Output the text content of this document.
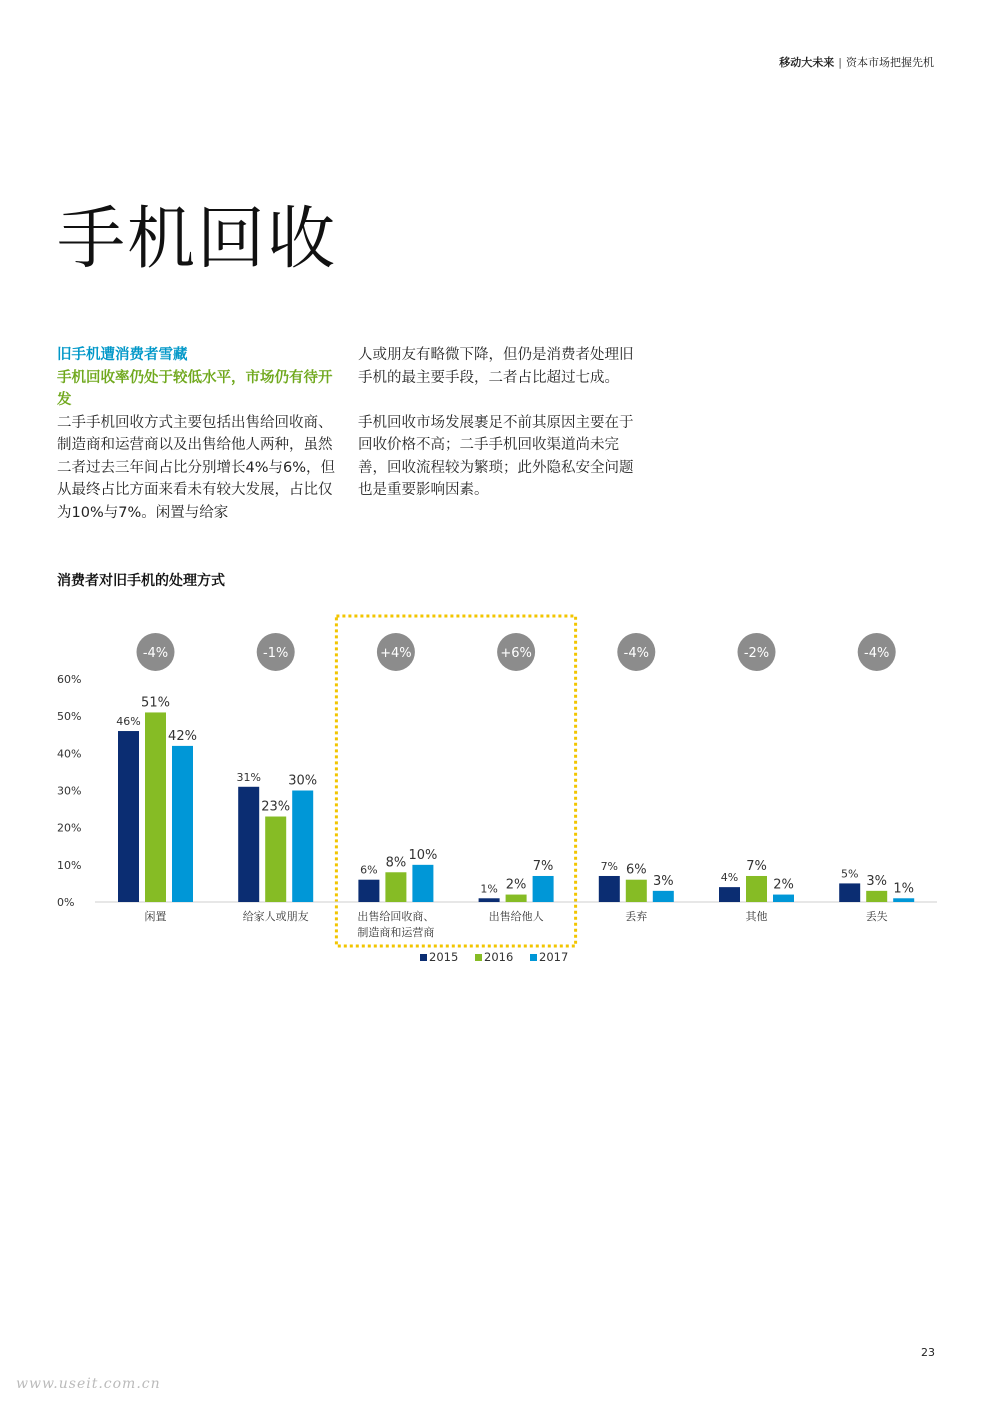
移动大未来 | 资本市场把握先机
手机回收
旧手机遭消费者雪藏
手机回收率仍处于较低水平，市场仍有待开发

二手手机回收方式主要包括出售给回收商、制造商和运营商以及出售给他人两种，虽然二者过去三年间占比分别增长4%与6%，但从最终占比方面来看未有较大发展，占比仅为10%与7%。闲置与给家

人或朋友有略微下降，但仍是消费者处理旧手机的最主要手段，二者占比超过七成。

手机回收市场发展裹足不前其原因主要在于回收价格不高；二手手机回收渠道尚未完善，回收流程较为繁琐；此外隐私安全问题也是重要影响因素。

消费者对旧手机的处理方式
0%
10%
20%
30%
40%
50%
60%
46%
51%
42%
闲置
-4%
31%
23%
30%
给家人或朋友
-1%
6% 8% 10%
出售给回收商、
制造商和运营商
+4%
1% 2%
7%
出售给他人
+6%
7% 6%
3%
丢弃
-4%
4%
7%
2%
其他
-2%
5% 3% 1%
丢失
-4%
2015 2016 2017
23
www.useit.com.cn
